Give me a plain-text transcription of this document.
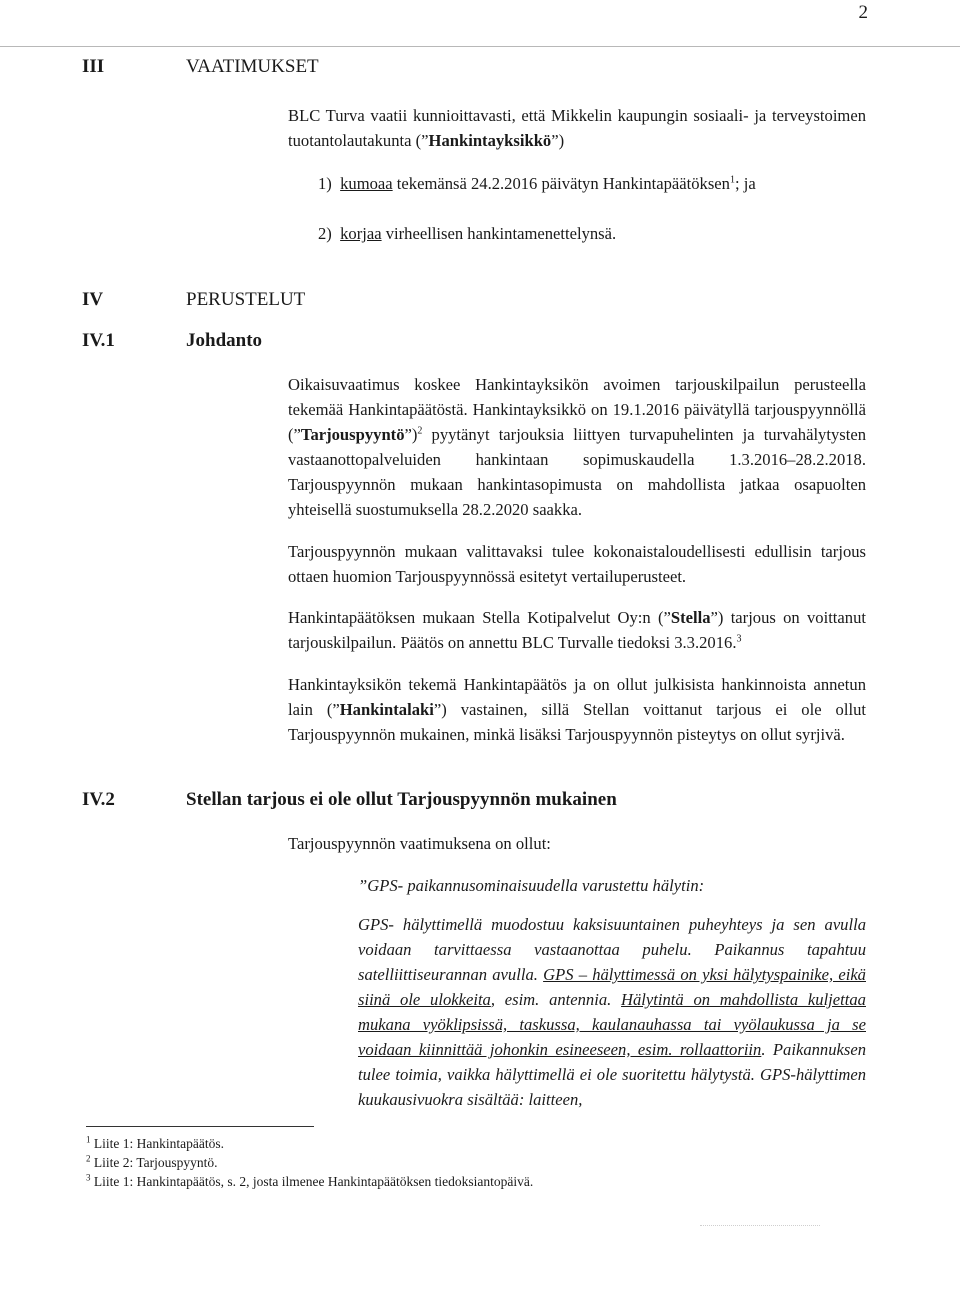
2
III	VAATIMUKSET

BLC Turva vaatii kunnioittavasti, että Mikkelin kaupungin sosiaali- ja terveystoimen tuotantolautakunta (”Hankintayksikkö”)

1) kumoaa tekemänsä 24.2.2016 päivätyn Hankintapäätöksen$^1$; ja
2) korjaa virheellisen hankintamenettelynsä.
IV	PERUSTELUT
IV.1	Johdanto

Oikaisuvaatimus koskee Hankintayksikön avoimen tarjouskilpailun perusteella tekemää Hankintapäätöstä. Hankintayksikkö on 19.1.2016 päivätyllä tarjouspyynnöllä (”Tarjouspyyntö”)$^2$ pyytänyt tarjouksia liittyen turvapuhelinten ja turvahälytysten vastaanottopalveluiden hankintaan sopimuskaudella 1.3.2016–28.2.2018. Tarjouspyynnön mukaan hankintasopimusta on mahdollista jatkaa osapuolten yhteisellä suostumuksella 28.2.2020 saakka.

Tarjouspyynnön mukaan valittavaksi tulee kokonaistaloudellisesti edullisin tarjous ottaen huomion Tarjouspyynnössä esitetyt vertailuperusteet.

Hankintapäätöksen mukaan Stella Kotipalvelut Oy:n (”Stella”) tarjous on voittanut tarjouskilpailun. Päätös on annettu BLC Turvalle tiedoksi 3.3.2016.$^3$

Hankintayksikön tekemä Hankintapäätös ja on ollut julkisista hankinnoista annetun lain (”Hankintalaki”) vastainen, sillä Stellan voittanut tarjous ei ole ollut Tarjouspyynnön mukainen, minkä lisäksi Tarjouspyynnön pisteytys on ollut syrjivä.

IV.2	Stellan tarjous ei ole ollut Tarjouspyynnön mukainen

Tarjouspyynnön vaatimuksena on ollut:

”GPS- paikannusominaisuudella varustettu hälytin:

GPS- hälyttimellä muodostuu kaksisuuntainen puheyhteys ja sen avulla voidaan tarvittaessa vastaanottaa puhelu. Paikannus tapahtuu satelliittiseurannan avulla. GPS – hälyttimessä on yksi hälytyspainike, eikä siinä ole ulokkeita, esim. antennia. Hälytintä on mahdollista kuljettaa mukana vyöklipsissä, taskussa, kaulanauhassa tai vyölaukussa ja se voidaan kiinnittää johonkin esineeseen, esim. rollaattoriin. Paikannuksen tulee toimia, vaikka hälyttimellä ei ole suoritettu hälytystä. GPS-hälyttimen kuukausivuokra sisältää: laitteen,

$^1$ Liite 1: Hankintapäätös.
$^2$ Liite 2: Tarjouspyyntö.
$^3$ Liite 1: Hankintapäätös, s. 2, josta ilmenee Hankintapäätöksen tiedoksiantopäivä.
